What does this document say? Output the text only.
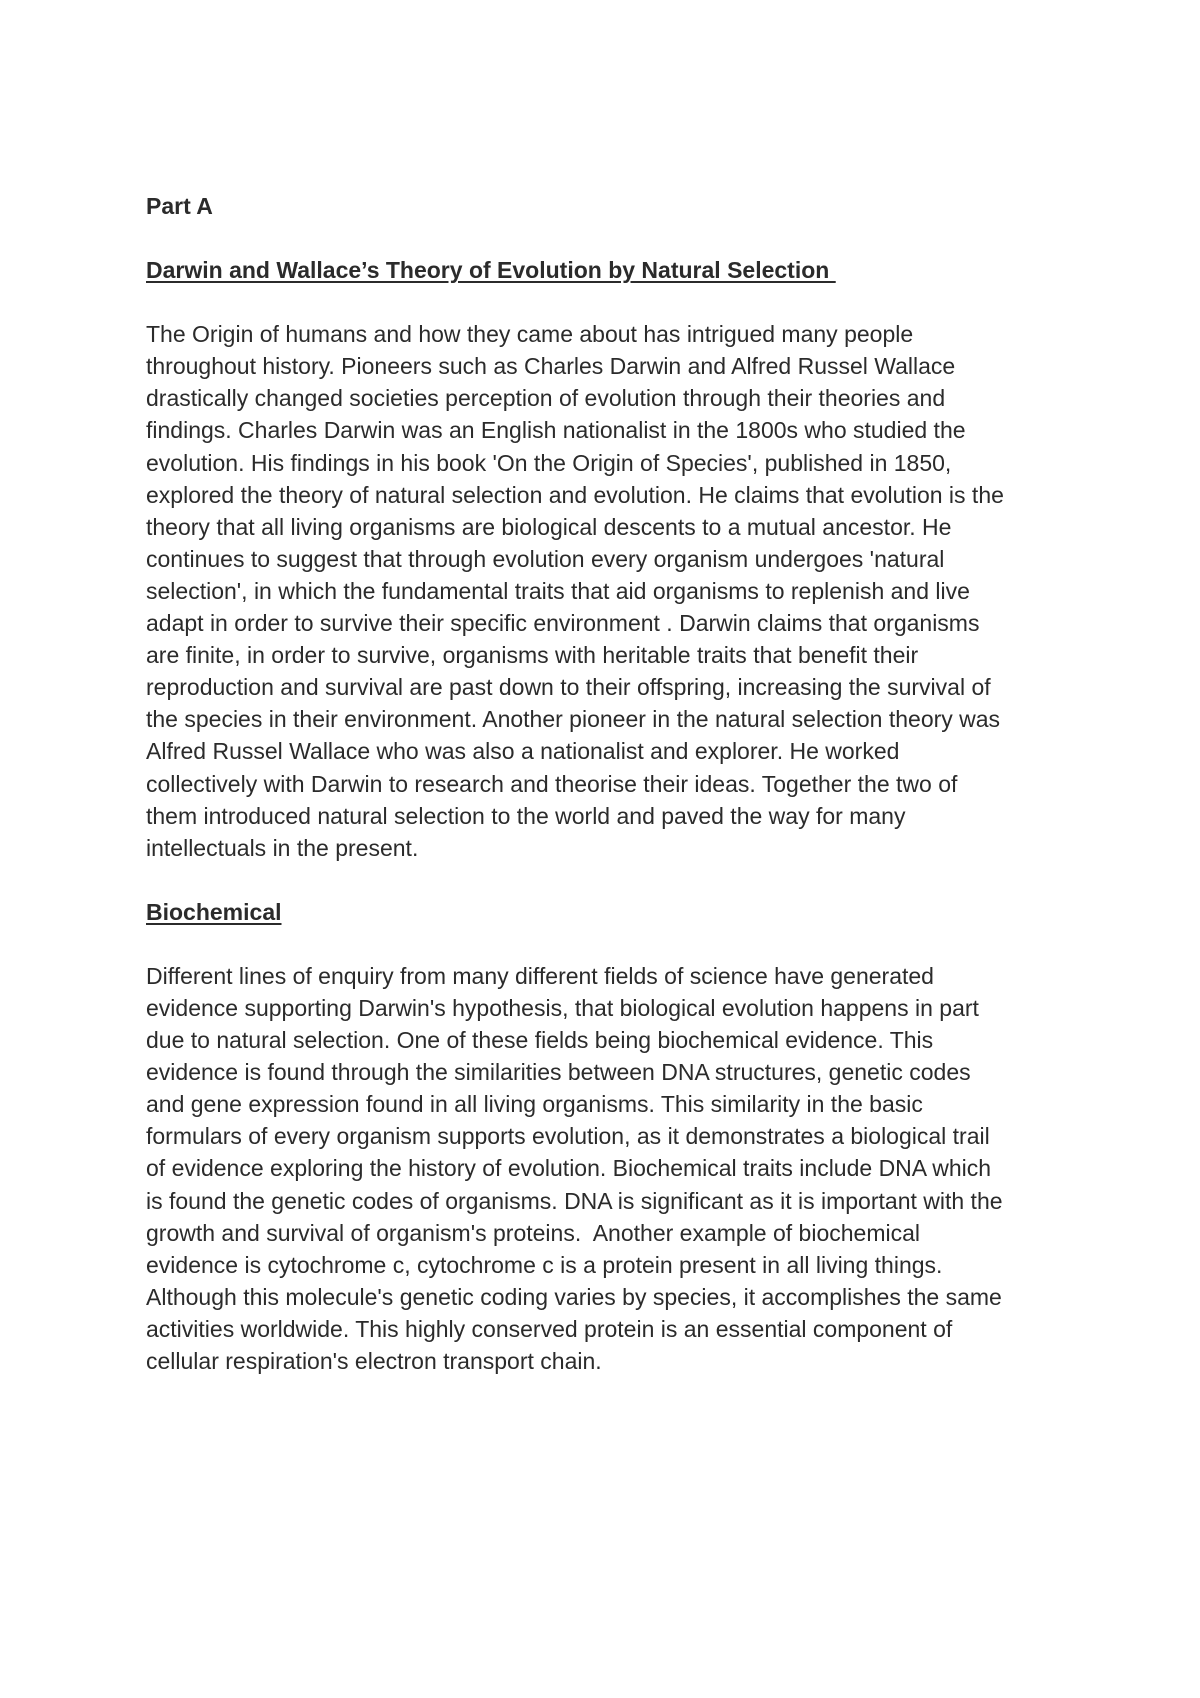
Part A

Darwin and Wallace’s Theory of Evolution by Natural Selection

The Origin of humans and how they came about has intrigued many people
throughout history. Pioneers such as Charles Darwin and Alfred Russel Wallace
drastically changed societies perception of evolution through their theories and
findings. Charles Darwin was an English nationalist in the 1800s who studied the
evolution. His findings in his book 'On the Origin of Species', published in 1850,
explored the theory of natural selection and evolution. He claims that evolution is the
theory that all living organisms are biological descents to a mutual ancestor. He
continues to suggest that through evolution every organism undergoes 'natural
selection', in which the fundamental traits that aid organisms to replenish and live
adapt in order to survive their specific environment . Darwin claims that organisms
are finite, in order to survive, organisms with heritable traits that benefit their
reproduction and survival are past down to their offspring, increasing the survival of
the species in their environment. Another pioneer in the natural selection theory was
Alfred Russel Wallace who was also a nationalist and explorer. He worked
collectively with Darwin to research and theorise their ideas. Together the two of
them introduced natural selection to the world and paved the way for many
intellectuals in the present.

Biochemical

Different lines of enquiry from many different fields of science have generated
evidence supporting Darwin's hypothesis, that biological evolution happens in part
due to natural selection. One of these fields being biochemical evidence. This
evidence is found through the similarities between DNA structures, genetic codes
and gene expression found in all living organisms. This similarity in the basic
formulars of every organism supports evolution, as it demonstrates a biological trail
of evidence exploring the history of evolution. Biochemical traits include DNA which
is found the genetic codes of organisms. DNA is significant as it is important with the
growth and survival of organism's proteins.  Another example of biochemical
evidence is cytochrome c, cytochrome c is a protein present in all living things.
Although this molecule's genetic coding varies by species, it accomplishes the same
activities worldwide. This highly conserved protein is an essential component of
cellular respiration's electron transport chain.
